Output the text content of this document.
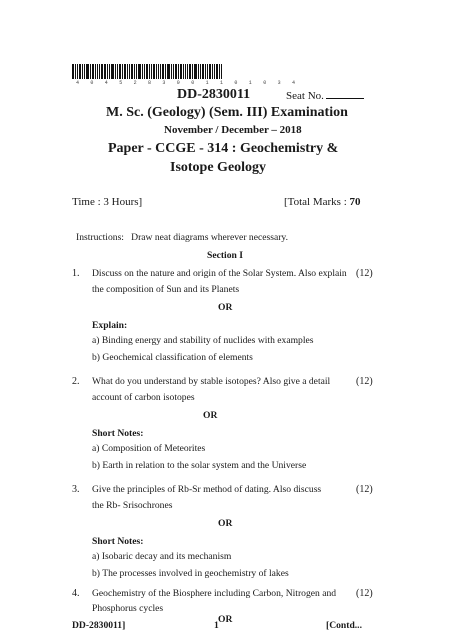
4 0 4 5 2 8 3 0 0 1 1 0 1 0 3 4
DD-2830011	Seat No.
M. Sc. (Geology) (Sem. III) Examination
November / December – 2018
Paper - CCGE - 314 : Geochemistry &
Isotope Geology
Time : 3 Hours]	[Total Marks : 70
Instructions: Draw neat diagrams wherever necessary.
Section I
1. Discuss on the nature and origin of the Solar System. Also explain
the composition of Sun and its Planets
(12)
OR
Explain:
a) Binding energy and stability of nuclides with examples
b) Geochemical classification of elements
2. What do you understand by stable isotopes? Also give a detail
account of carbon isotopes
(12)
OR
Short Notes:
a) Composition of Meteorites
b) Earth in relation to the solar system and the Universe
3. Give the principles of Rb-Sr method of dating. Also discuss
the Rb- Srisochrones
(12)
OR
Short Notes:
a) Isobaric decay and its mechanism
b) The processes involved in geochemistry of lakes
4. Geochemistry of the Biosphere including Carbon, Nitrogen and
Phosphorus cycles
(12)
OR
DD-2830011]	1	[Contd...
